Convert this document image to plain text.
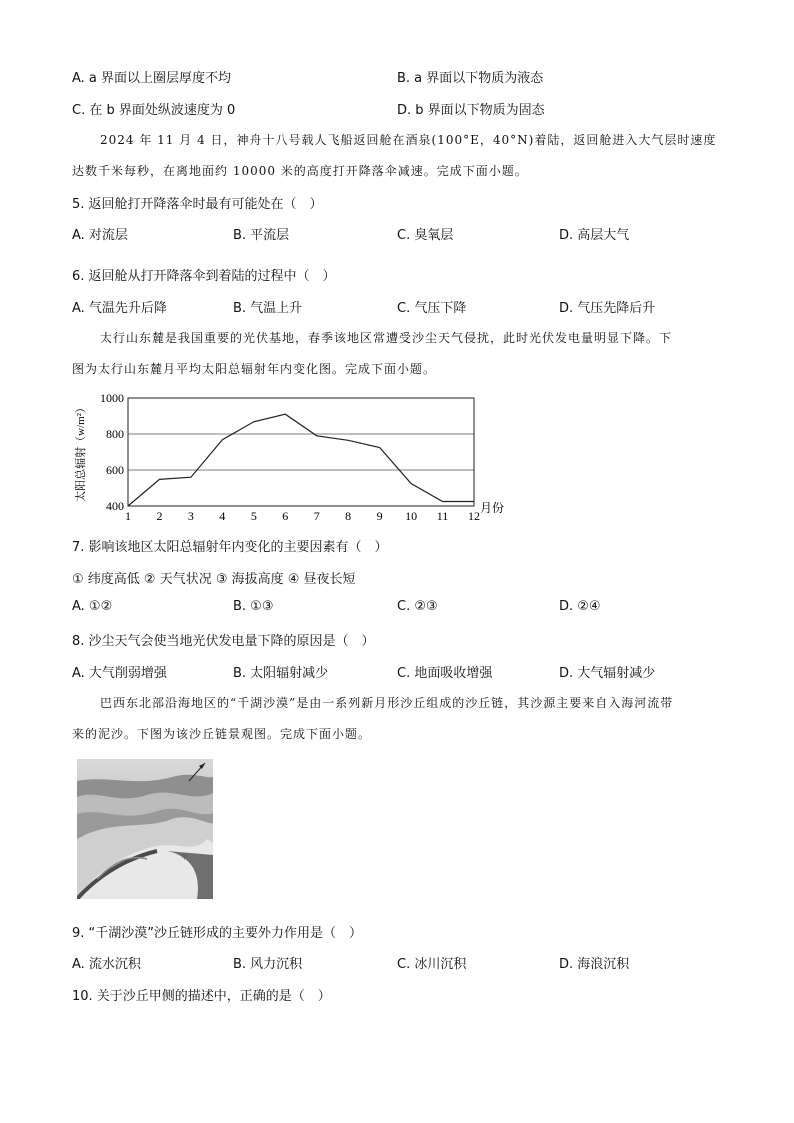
A. a 界面以上圈层厚度不均	B. a 界面以下物质为液态
C. 在 b 界面处纵波速度为 0	D. b 界面以下物质为固态
2024 年 11 月 4 日，神舟十八号载人飞船返回舱在酒泉(100°E，40°N)着陆，返回舱进入大气层时速度
达数千米每秒，在离地面约 10000 米的高度打开降落伞减速。完成下面小题。
5. 返回舱打开降落伞时最有可能处在（　）
A. 对流层	B. 平流层	C. 臭氧层	D. 高层大气
6. 返回舱从打开降落伞到着陆的过程中（　）
A. 气温先升后降	B. 气温上升	C. 气压下降	D. 气压先降后升
太行山东麓是我国重要的光伏基地，春季该地区常遭受沙尘天气侵扰，此时光伏发电量明显下降。下
图为太行山东麓月平均太阳总辐射年内变化图。完成下面小题。
400
600
800
1000
1 2 3 4 5 6 7 8 9 10 11 12
太阳总辐射（w/m²）
月份
7. 影响该地区太阳总辐射年内变化的主要因素有（　）
① 纬度高低 ② 天气状况 ③ 海拔高度 ④ 昼夜长短
A. ①②	B. ①③	C. ②③	D. ②④
8. 沙尘天气会使当地光伏发电量下降的原因是（　）
A. 大气削弱增强	B. 太阳辐射减少	C. 地面吸收增强	D. 大气辐射减少
巴西东北部沿海地区的“千湖沙漠”是由一系列新月形沙丘组成的沙丘链，其沙源主要来自入海河流带
来的泥沙。下图为该沙丘链景观图。完成下面小题。
甲
9. “千湖沙漠”沙丘链形成的主要外力作用是（　）
A. 流水沉积	B. 风力沉积	C. 冰川沉积	D. 海浪沉积
10. 关于沙丘甲侧的描述中，正确的是（　）
